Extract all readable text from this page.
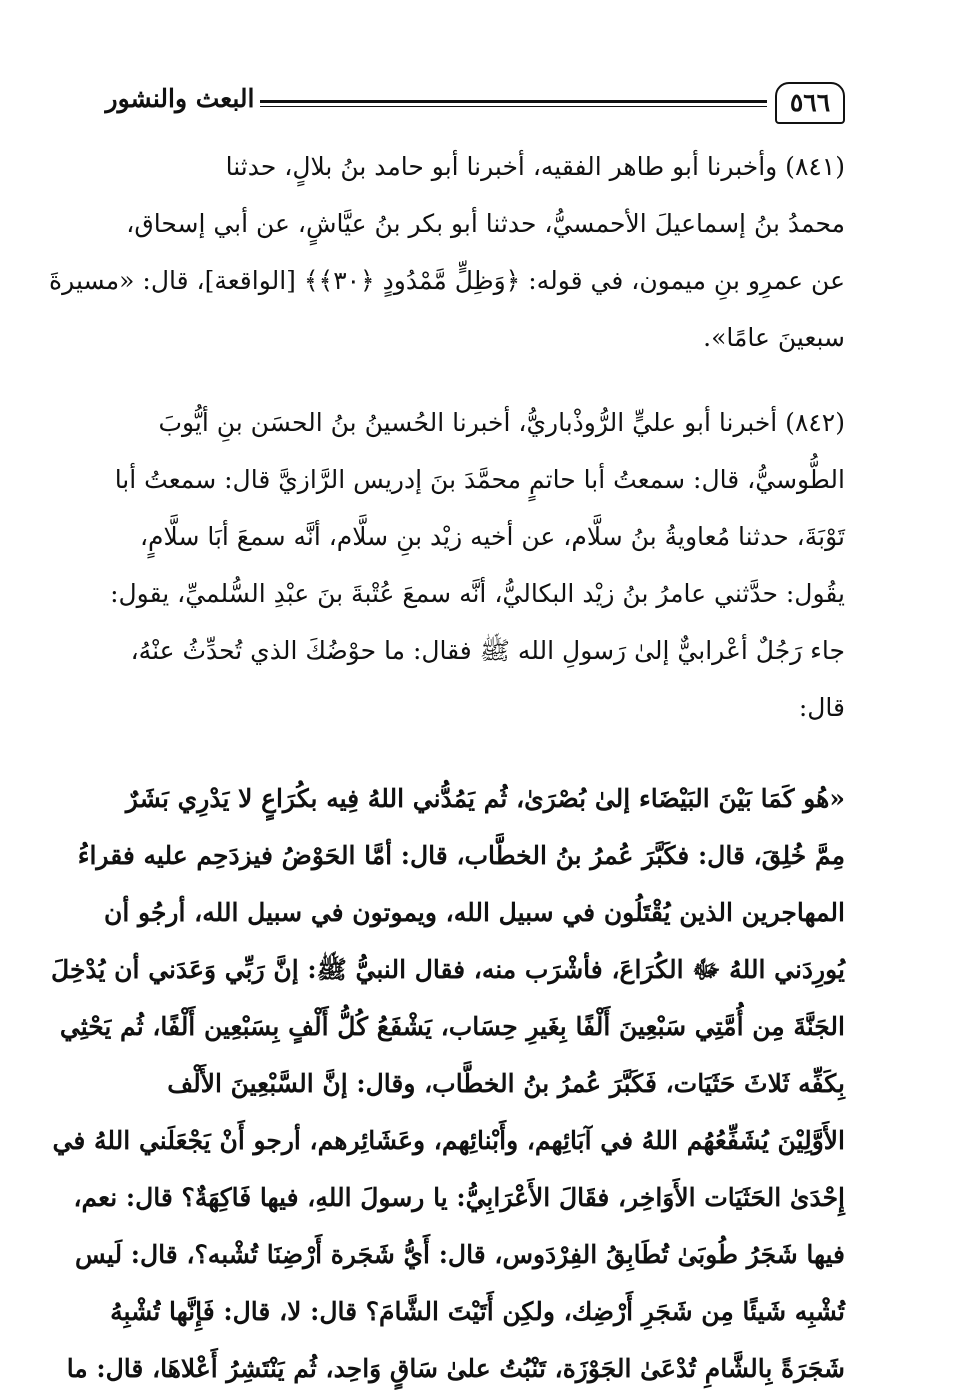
٥٦٦
البعث والنشور
(٨٤١) وأخبرنا أبو طاهر الفقيه، أخبرنا أبو حامد بنُ بلالٍ، حدثنا
محمدُ بنُ إسماعيلَ الأحمسيُّ، حدثنا أبو بكر بنُ عيَّاشٍ، عن أبي إسحاق،
عن عمرِو بنِ ميمون، في قوله: ﴿وَظِلٍّ مَّمْدُودٍ ﴿٣٠﴾﴾ [الواقعة]، قال: «مسيرةَ
سبعينَ عامًا».
(٨٤٢) أخبرنا أبو عليٍّ الرُّوذْباريُّ، أخبرنا الحُسينُ بنُ الحسَن بنِ أيُّوبَ
الطُّوسيُّ، قال: سمعتُ أبا حاتمٍ محمَّدَ بنَ إدريس الرَّازيَّ قال: سمعتُ أبا
تَوْبَةَ، حدثنا مُعاويةُ بنُ سلَّام، عن أخيه زيْد بنِ سلَّام، أنَّه سمعَ أبَا سلَّامٍ،
يقُول: حدَّثني عامرُ بنُ زيْد البكاليُّ، أنَّه سمعَ عُتْبةَ بنَ عبْدِ السُّلميِّ، يقول:
جاء رَجُلٌ أعْرابيٌّ إلىٰ رَسولِ الله ﷺ فقال: ما حوْضُكَ الذي تُحدِّثُ عنْهُ،
قال:
«هُو كَمَا بَيْنَ البَيْضَاء إلىٰ بُصْرَىٰ، ثُم يَمُدُّني اللهُ فِيه بكُرَاعٍ لا يَدْرِي بَشَرٌ
مِمَّ خُلِقَ، قال: فكَبَّرَ عُمرُ بنُ الخطَّاب، قال: أمَّا الحَوْضُ فيزدَحِم عليه فقراءُ
المهاجرين الذين يُقْتَلُون في سبيل الله، ويموتون في سبيل الله، أرجُو أن
يُورِدَني اللهُ ﷻ الكُرَاعَ، فأشْرَب منه، فقال النبيُّ ﷺ: إنَّ رَبِّي وَعَدَني أن يُدْخِلَ
الجَنَّةَ مِن أُمَّتِي سَبْعِينَ أَلْفًا بِغَيرِ حِسَاب، يَشْفَعُ كُلُّ أَلْفٍ بِسَبْعِين أَلْفًا، ثُم يَحْثِي
بِكَفِّه ثَلاثَ حَثَيَات، فَكَبَّرَ عُمرُ بنُ الخطَّاب، وقال: إنَّ السَّبْعِينَ الأَلْف
الأَوَّلِيْنَ يُشَفِّعُهُم اللهُ في آبَائِهم، وأَبْنائِهم، وعَشَائِرهم، أرجو أَنْ يَجْعَلَني اللهُ في
إِحْدَىٰ الحَثَيَات الأَوَاخِر، فقَالَ الأَعْرَابِيُّ: يا رسولَ اللهِ، فيها فَاكِهَةٌ؟ قال: نعم،
فيها شَجَرُ طُوبَىٰ تُطَابِقُ الفِرْدَوس، قال: أَيُّ شَجَرة أَرْضِنَا تُشْبه؟، قال: لَيس
تُشْبِه شَيئًا مِن شَجَرِ أَرْضِك، ولكِن أَتَيْتَ الشَّامَ؟ قال: لا، قال: فَإِنَّها تُشْبِهُ
شَجَرَةً بِالشَّامِ تُدْعَىٰ الجَوْزَة، تَنْبُتُ علىٰ سَاقٍ وَاحِد، ثُم يَنْتَشِرُ أَعْلاهَا، قال: ما
